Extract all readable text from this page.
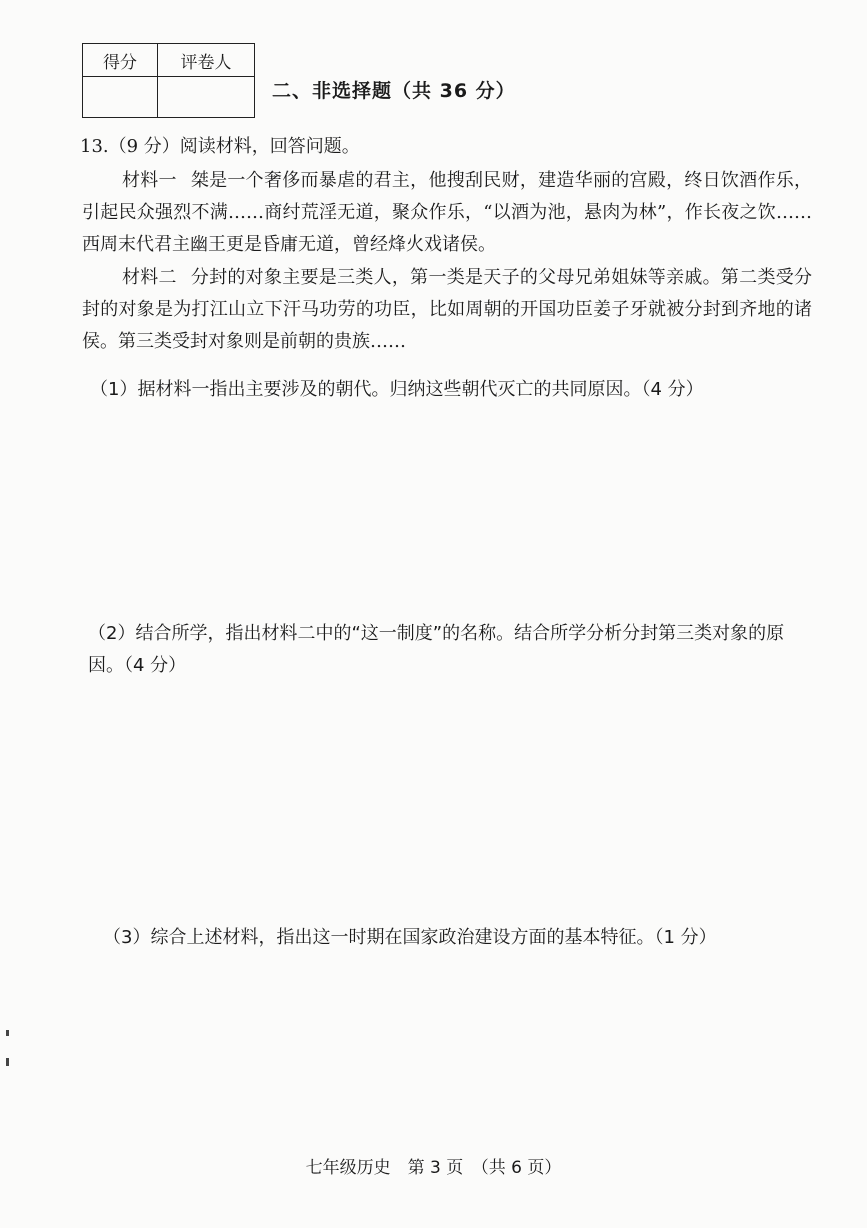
得分	评卷人

二、非选择题（共 36 分）
13.（9 分）阅读材料，回答问题。

材料一 桀是一个奢侈而暴虐的君主，他搜刮民财，建造华丽的宫殿，终日饮酒作乐，引起民众强烈不满……商纣荒淫无道，聚众作乐，“以酒为池，悬肉为林”，作长夜之饮……西周末代君主幽王更是昏庸无道，曾经烽火戏诸侯。

材料二 分封的对象主要是三类人，第一类是天子的父母兄弟姐妹等亲戚。第二类受分封的对象是为打江山立下汗马功劳的功臣，比如周朝的开国功臣姜子牙就被分封到齐地的诸侯。第三类受封对象则是前朝的贵族……

（1）据材料一指出主要涉及的朝代。归纳这些朝代灭亡的共同原因。（4 分）

（2）结合所学，指出材料二中的“这一制度”的名称。结合所学分析分封第三类对象的原因。（4 分）

（3）综合上述材料，指出这一时期在国家政治建设方面的基本特征。（1 分）

七年级历史　第 3 页　（共 6 页）
